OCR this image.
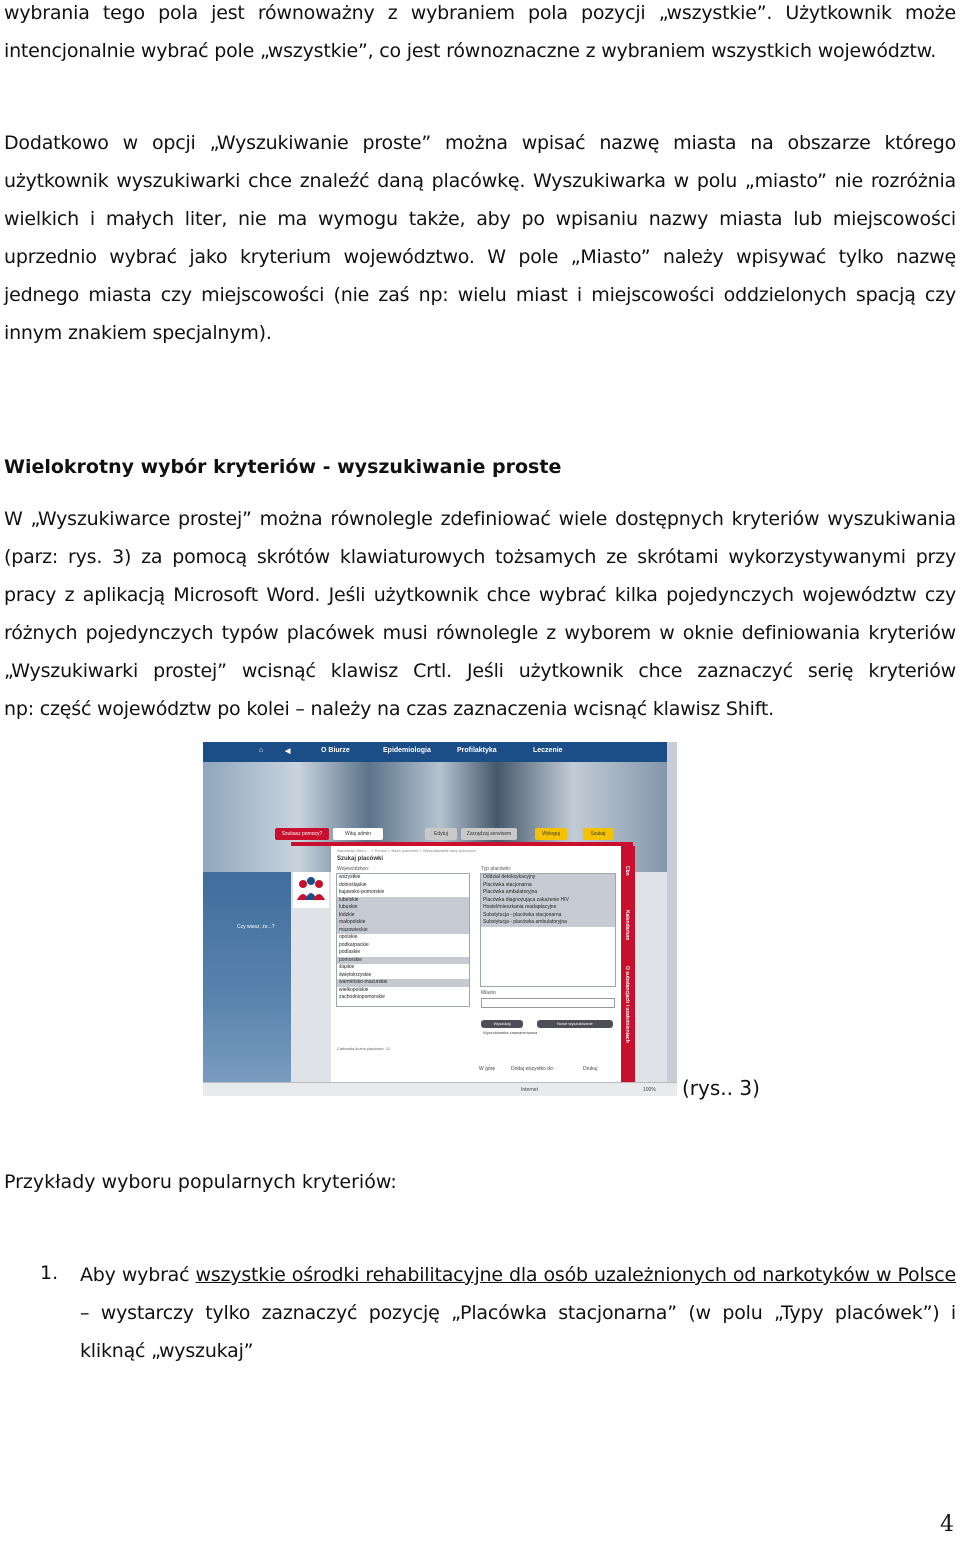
wybrania tego pola jest równoważny z wybraniem pola pozycji „wszystkie”. Użytkownik może
intencjonalnie wybrać pole „wszystkie”, co jest równoznaczne z wybraniem wszystkich województw.

Dodatkowo w opcji „Wyszukiwanie proste” można wpisać nazwę miasta na obszarze którego
użytkownik wyszukiwarki chce znaleźć daną placówkę. Wyszukiwarka w polu „miasto” nie rozróżnia
wielkich i małych liter, nie ma wymogu także, aby po wpisaniu nazwy miasta lub miejscowości
uprzednio wybrać jako kryterium województwo. W pole „Miasto” należy wpisywać tylko nazwę
jednego miasta czy miejscowości (nie zaś np: wielu miast i miejscowości oddzielonych spacją czy
innym znakiem specjalnym).

Wielokrotny wybór kryteriów - wyszukiwanie proste

W „Wyszukiwarce prostej” można równolegle zdefiniować wiele dostępnych kryteriów wyszukiwania
(parz: rys. 3) za pomocą skrótów klawiaturowych tożsamych ze skrótami wykorzystywanymi przy
pracy z aplikacją Microsoft Word. Jeśli użytkownik chce wybrać kilka pojedynczych województw czy
różnych pojedynczych typów placówek musi równolegle z wyborem w oknie definiowania kryteriów
„Wyszukiwarki prostej” wcisnąć klawisz Crtl. Jeśli użytkownik chce zaznaczyć serię kryteriów
np: część województw po kolei – należy na czas zaznaczenia wcisnąć klawisz Shift.

⌂	◀	O Biurze	Epidemiologia	Profilaktyka	Leczenie
Szukasz pomocy?	Witaj admin	Edytuj	Zarządzaj serwisem	Wyloguj	Szukaj
Narodowe Biuro ... » Pomoc » Baza placówek » Wyszukiwarka bazy placówek
Szukaj placówki
Czy wiesz, że...?
Cbn
Kalendarium
O substancjach i uzależnieniach
Województwo:
wszystkie
dolnośląskie
kujawsko-pomorskie
lubelskie
lubuskie
łódzkie
małopolskie
mazowieckie
opolskie
podkarpackie
podlaskie
pomorskie
śląskie
świętokrzyskie
warmińsko-mazurskie
wielkopolskie
zachodniopomorskie
Typ placówki:
Oddział detoksykacyjny
Placówka stacjonarna
Placówka ambulatoryjna
Placówka diagnozująca zakażenie HIV
Hostel/mieszkania readaptacyjne
Substytucja - placówka stacjonarna
Substytucja - placówka ambulatoryjna
Miasto
Wyszukaj	Nowe wyszukiwanie
Wyszukiwarka zaawansowana
Całkowita liczba placówek: 12
W górę	Dodaj wszystko do:	Drukuj
Internet	100% (rys.. 3)

Przykłady wyboru popularnych kryteriów:

1. Aby wybrać wszystkie ośrodki rehabilitacyjne dla osób uzależnionych od narkotyków w Polsce
– wystarczy tylko zaznaczyć pozycję „Placówka stacjonarna” (w polu „Typy placówek”) i
kliknąć „wyszukaj”

4
